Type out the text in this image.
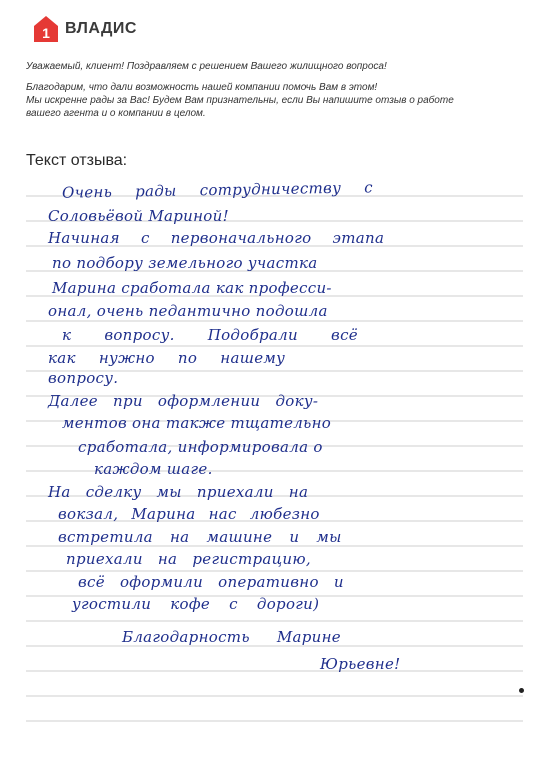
1 ВЛАДИС

Уважаемый, клиент! Поздравляем с решением Вашего жилищного вопроса!

Благодарим, что дали возможность нашей компании помочь Вам в этом!

Мы искренне рады за Вас! Будем Вам признательны, если Вы напишите отзыв о работе

вашего агента и о компании в целом.

Текст отзыва:
Очень рады сотрудничеству с
Соловьёвой Мариной!
Начиная с первоначального этапа
по подбору земельного участка
Марина сработала как професси-
онал, очень педантично подошла
к вопросу. Подобрали всё
как нужно по нашему
вопросу.
Далее при оформлении доку-
ментов она также тщательно
сработала, информировала о
каждом шаге.
На сделку мы приехали на
вокзал, Марина нас любезно
встретила на машине и мы
приехали на регистрацию,
всё оформили оперативно и
угостили кофе с дороги)
Благодарность Марине
Юрьевне!
